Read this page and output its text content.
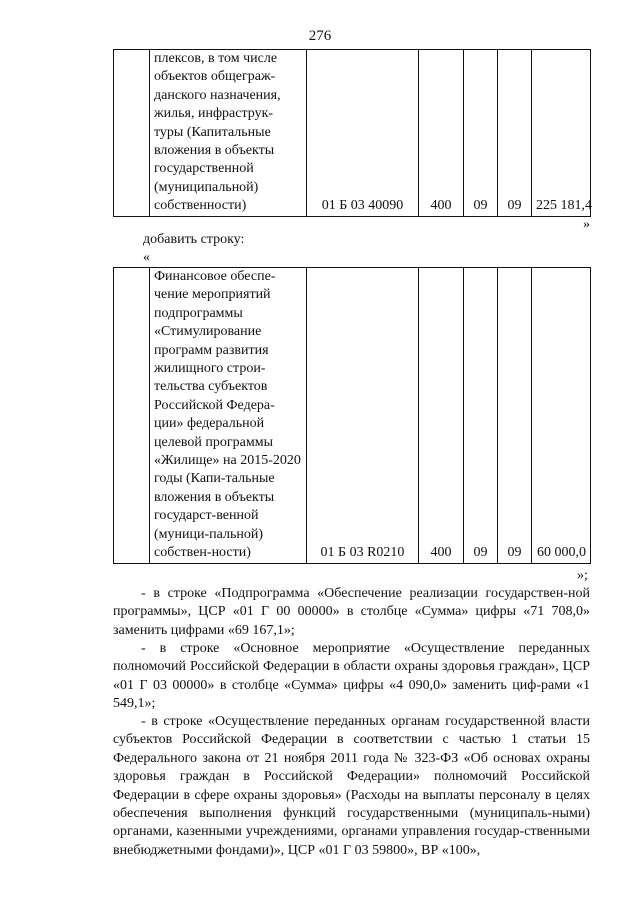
276
	плексов, в том числе объектов общеграж-данского назначения, жилья, инфраструк-туры (Капитальные вложения в объекты государственной (муниципальной) собственности)	01 Б 03 40090	400	09	09	225 181,4
»
добавить строку:
«
	Финансовое обеспе-чение мероприятий подпрограммы «Стимулирование программ развития жилищного строи-тельства субъектов Российской Федера-ции» федеральной целевой программы «Жилище» на 2015-2020 годы (Капи-тальные вложения в объекты государст-венной (муници-пальной) собствен-ности)	01 Б 03 R0210	400	09	09	60 000,0
»;

- в строке «Подпрограмма «Обеспечение реализации государствен-ной программы», ЦСР «01 Г 00 00000» в столбце «Сумма» цифры «71 708,0» заменить цифрами «69 167,1»;

- в строке «Основное мероприятие «Осуществление переданных полномочий Российской Федерации в области охраны здоровья граждан», ЦСР «01 Г 03 00000» в столбце «Сумма» цифры «4 090,0» заменить циф-рами «1 549,1»;

- в строке «Осуществление переданных органам государственной власти субъектов Российской Федерации в соответствии с частью 1 статьи 15 Федерального закона от 21 ноября 2011 года № 323-ФЗ «Об основах охраны здоровья граждан в Российской Федерации» полномочий Российской Федерации в сфере охраны здоровья» (Расходы на выплаты персоналу в целях обеспечения выполнения функций государственными (муниципаль-ными) органами, казенными учреждениями, органами управления государ-ственными внебюджетными фондами)», ЦСР «01 Г 03 59800», ВР «100»,
